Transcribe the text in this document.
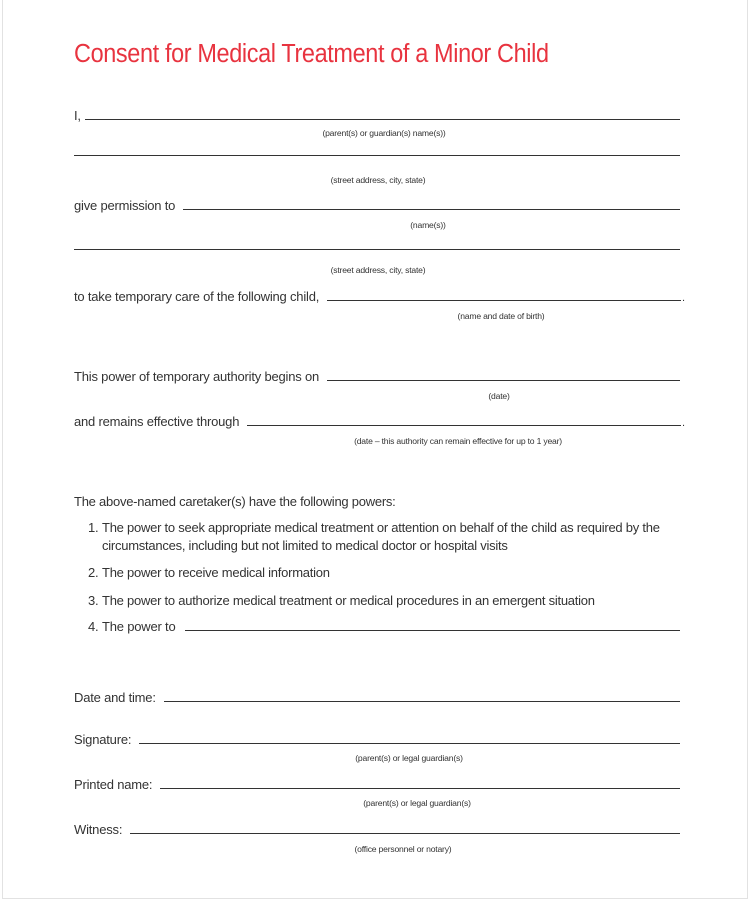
Consent for Medical Treatment of a Minor Child
I,
(parent(s) or guardian(s) name(s))
(street address, city, state)
give permission to
(name(s))
(street address, city, state)
to take temporary care of the following child,	.
(name and date of birth)
This power of temporary authority begins on
(date)
and remains effective through	.
(date – this authority can remain effective for up to 1 year)
The above-named caretaker(s) have the following powers:
1. The power to seek appropriate medical treatment or attention on behalf of the child as required by the
circumstances, including but not limited to medical doctor or hospital visits
2. The power to receive medical information
3. The power to authorize medical treatment or medical procedures in an emergent situation
4. The power to
Date and time:
Signature:
(parent(s) or legal guardian(s)
Printed name:
(parent(s) or legal guardian(s)
Witness:
(office personnel or notary)
